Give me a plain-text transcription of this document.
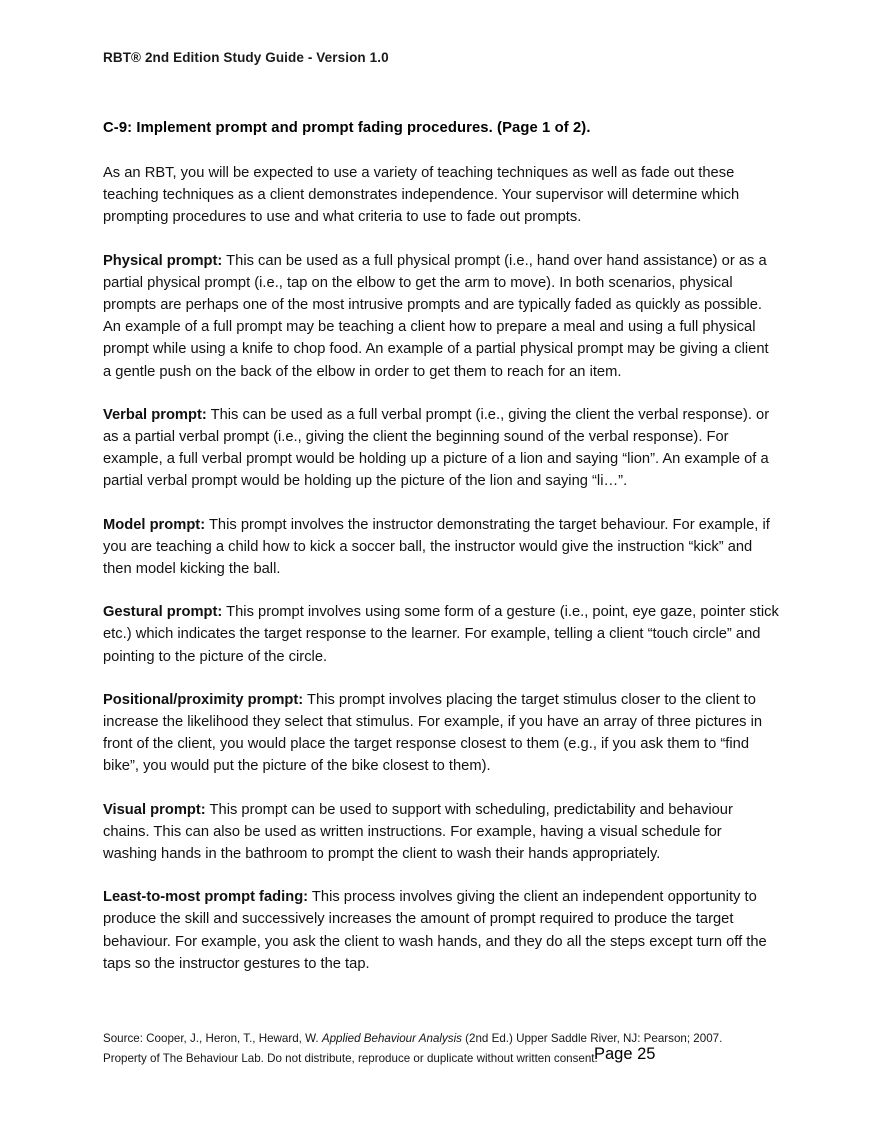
RBT® 2nd Edition Study Guide - Version 1.0
C-9: Implement prompt and prompt fading procedures. (Page 1 of 2).

As an RBT, you will be expected to use a variety of teaching techniques as well as fade out these teaching techniques as a client demonstrates independence. Your supervisor will determine which prompting procedures to use and what criteria to use to fade out prompts.

Physical prompt: This can be used as a full physical prompt (i.e., hand over hand assistance) or as a partial physical prompt (i.e., tap on the elbow to get the arm to move). In both scenarios, physical prompts are perhaps one of the most intrusive prompts and are typically faded as quickly as possible. An example of a full prompt may be teaching a client how to prepare a meal and using a full physical prompt while using a knife to chop food. An example of a partial physical prompt may be giving a client a gentle push on the back of the elbow in order to get them to reach for an item.

Verbal prompt: This can be used as a full verbal prompt (i.e., giving the client the verbal response). or as a partial verbal prompt (i.e., giving the client the beginning sound of the verbal response). For example, a full verbal prompt would be holding up a picture of a lion and saying “lion”. An example of a partial verbal prompt would be holding up the picture of the lion and saying “li…”.

Model prompt: This prompt involves the instructor demonstrating the target behaviour. For example, if you are teaching a child how to kick a soccer ball, the instructor would give the instruction “kick” and then model kicking the ball.

Gestural prompt: This prompt involves using some form of a gesture (i.e., point, eye gaze, pointer stick etc.) which indicates the target response to the learner. For example, telling a client “touch circle” and pointing to the picture of the circle.

Positional/proximity prompt: This prompt involves placing the target stimulus closer to the client to increase the likelihood they select that stimulus. For example, if you have an array of three pictures in front of the client, you would place the target response closest to them (e.g., if you ask them to “find bike”, you would put the picture of the bike closest to them).

Visual prompt: This prompt can be used to support with scheduling, predictability and behaviour chains. This can also be used as written instructions. For example, having a visual schedule for washing hands in the bathroom to prompt the client to wash their hands appropriately.

Least-to-most prompt fading: This process involves giving the client an independent opportunity to produce the skill and successively increases the amount of prompt required to produce the target behaviour. For example, you ask the client to wash hands, and they do all the steps except turn off the taps so the instructor gestures to the tap.

Source: Cooper, J., Heron, T., Heward, W. Applied Behaviour Analysis (2nd Ed.) Upper Saddle River, NJ: Pearson; 2007.
Property of The Behaviour Lab. Do not distribute, reproduce or duplicate without written consent.
Page 25
